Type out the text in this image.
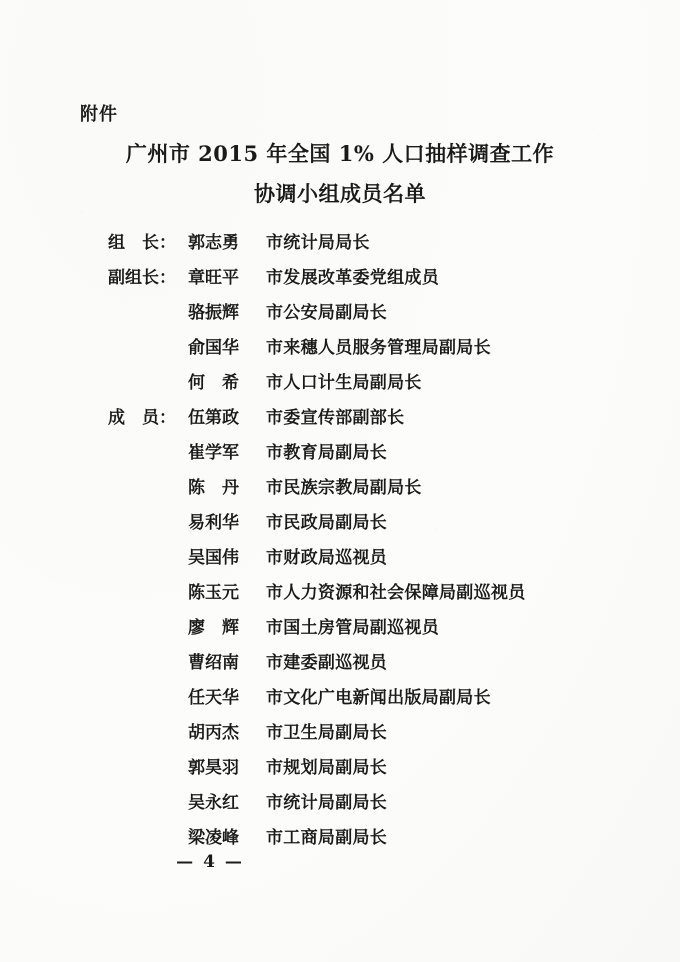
附件
广州市 2015 年全国 1% 人口抽样调查工作
协调小组成员名单
组　长： 郭志勇	市统计局局长
副组长： 章旺平	市发展改革委党组成员
骆振辉	市公安局副局长
俞国华	市来穗人员服务管理局副局长
何　希	市人口计生局副局长
成　员： 伍第政	市委宣传部副部长
崔学军	市教育局副局长
陈　丹	市民族宗教局副局长
易利华	市民政局副局长
吴国伟	市财政局巡视员
陈玉元	市人力资源和社会保障局副巡视员
廖　辉	市国土房管局副巡视员
曹绍南	市建委副巡视员
任天华	市文化广电新闻出版局副局长
胡丙杰	市卫生局副局长
郭昊羽	市规划局副局长
吴永红	市统计局副局长
梁凌峰	市工商局副局长
— 4 —
